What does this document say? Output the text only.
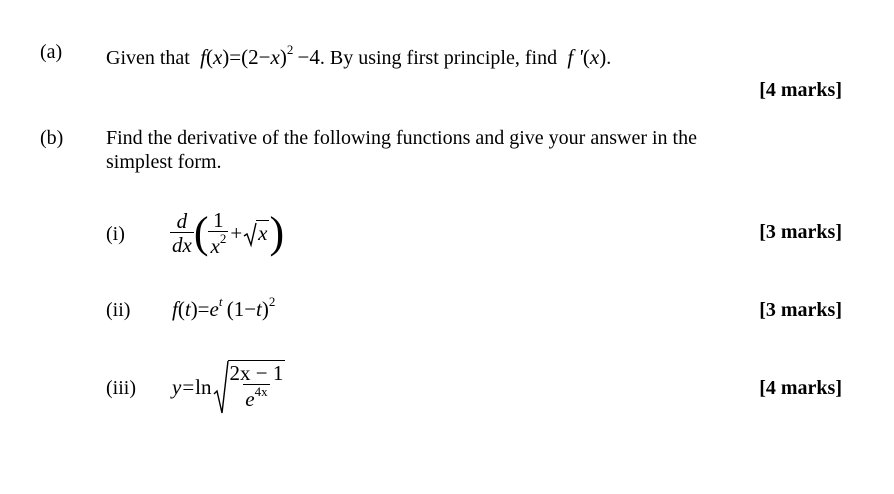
(a) Given that $f(x)=(2-x)^2 -4$. By using first principle, find f '(x).
[4 marks]
(b) Find the derivative of the following functions and give your answer in the
simplest form.
$(i) \frac{d}{dx}$ ( $\frac{1}{x^2} + x$ )	[3 marks]
(ii) $f(t)=e^t$ $(1-t)^2$	[3 marks]
(iii) $y = \ln \frac{2x - 1}{e^{4x}}$	[4 marks]
